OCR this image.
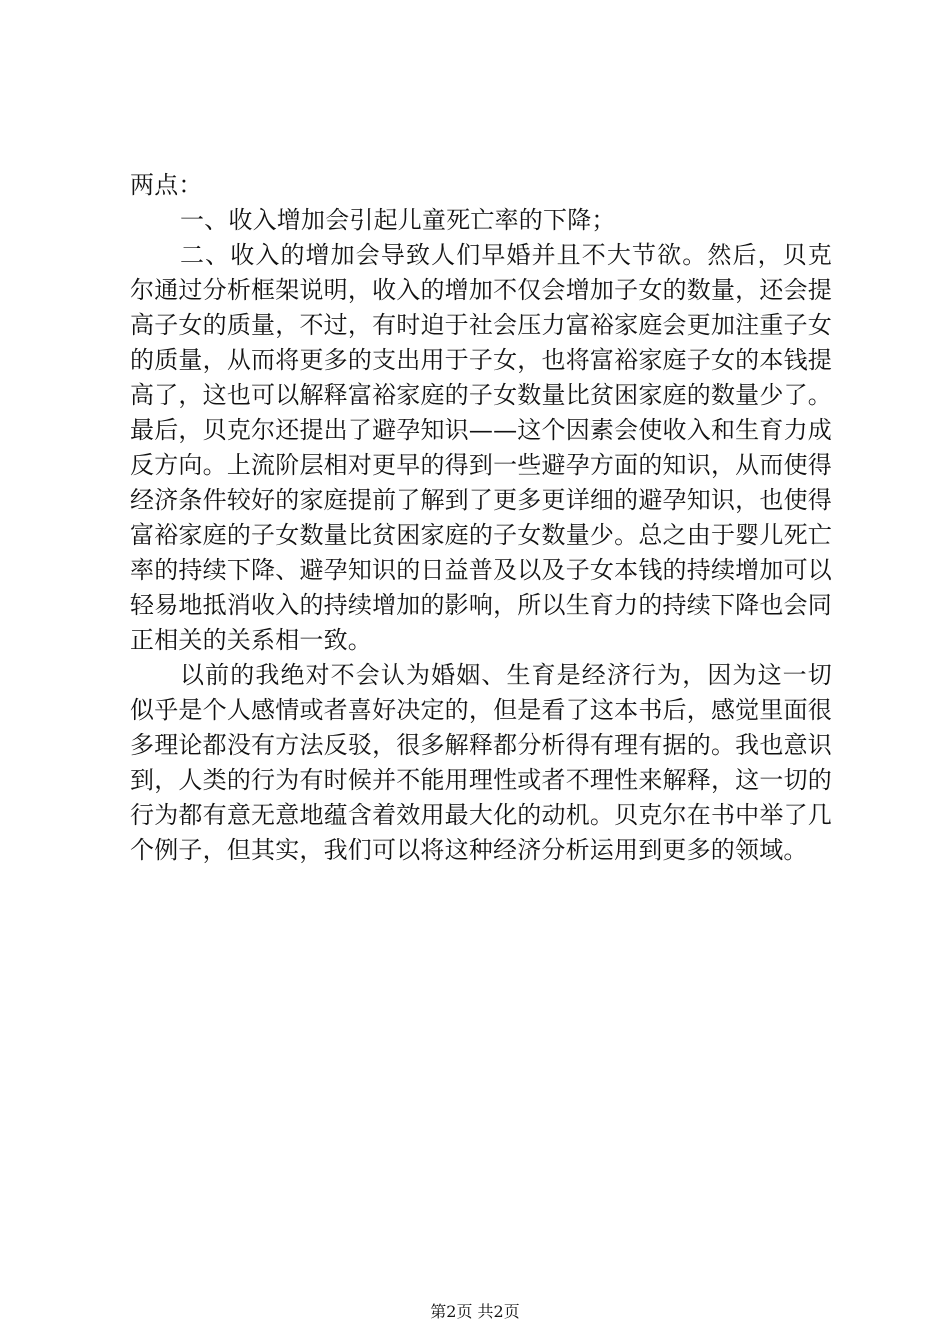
两点：

一、收入增加会引起儿童死亡率的下降；

二、收入的增加会导致人们早婚并且不大节欲。然后，贝克尔通过分析框架说明，收入的增加不仅会增加子女的数量，还会提高子女的质量，不过，有时迫于社会压力富裕家庭会更加注重子女的质量，从而将更多的支出用于子女，也将富裕家庭子女的本钱提高了，这也可以解释富裕家庭的子女数量比贫困家庭的数量少了。最后，贝克尔还提出了避孕知识——这个因素会使收入和生育力成反方向。上流阶层相对更早的得到一些避孕方面的知识，从而使得经济条件较好的家庭提前了解到了更多更详细的避孕知识，也使得富裕家庭的子女数量比贫困家庭的子女数量少。总之由于婴儿死亡率的持续下降、避孕知识的日益普及以及子女本钱的持续增加可以轻易地抵消收入的持续增加的影响，所以生育力的持续下降也会同正相关的关系相一致。

以前的我绝对不会认为婚姻、生育是经济行为，因为这一切似乎是个人感情或者喜好决定的，但是看了这本书后，感觉里面很多理论都没有方法反驳，很多解释都分析得有理有据的。我也意识到，人类的行为有时候并不能用理性或者不理性来解释，这一切的行为都有意无意地蕴含着效用最大化的动机。贝克尔在书中举了几个例子，但其实，我们可以将这种经济分析运用到更多的领域。

第2页 共2页
